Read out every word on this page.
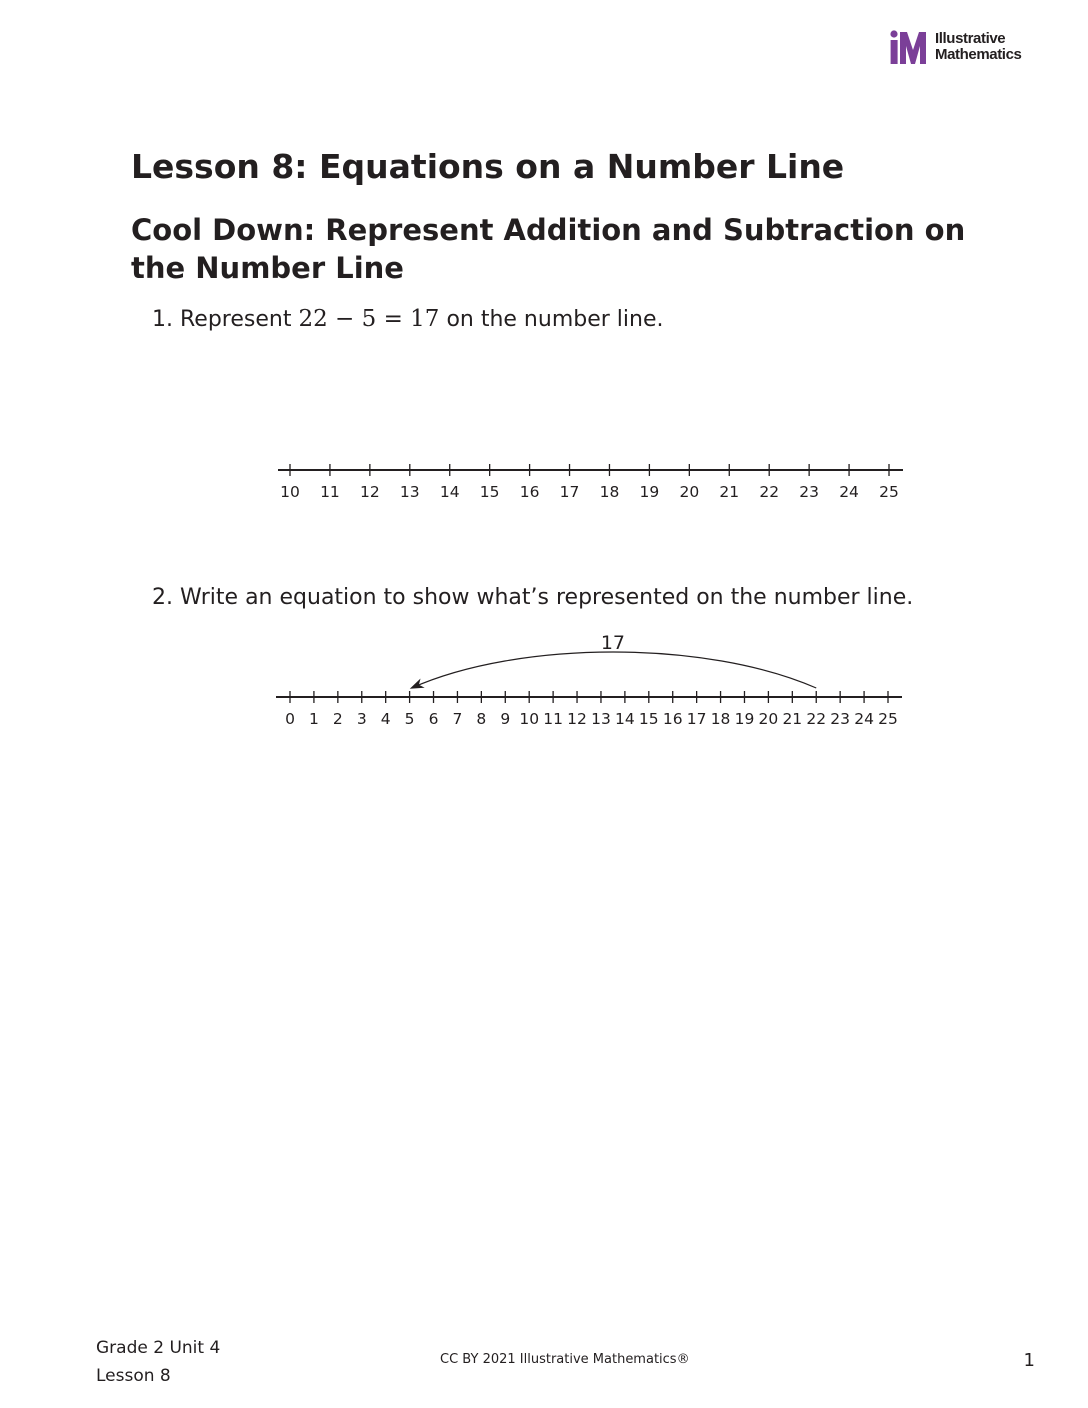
Illustrative
Mathematics
Lesson 8: Equations on a Number Line
Cool Down: Represent Addition and Subtraction on the Number Line

1. Represent 22 − 5 = 17 on the number line.

2. Write an equation to show what’s represented on the number line.

10 11 12 13 14 15 16 17 18 19 20 21 22 23 24 25
0 1 2 3 4 5 6 7 8 9 10 11 12 13 14 15 16 17 18 19 20 21 22 23 24 25
17
Grade 2 Unit 4
Lesson 8
CC BY 2021 Illustrative Mathematics®	1
